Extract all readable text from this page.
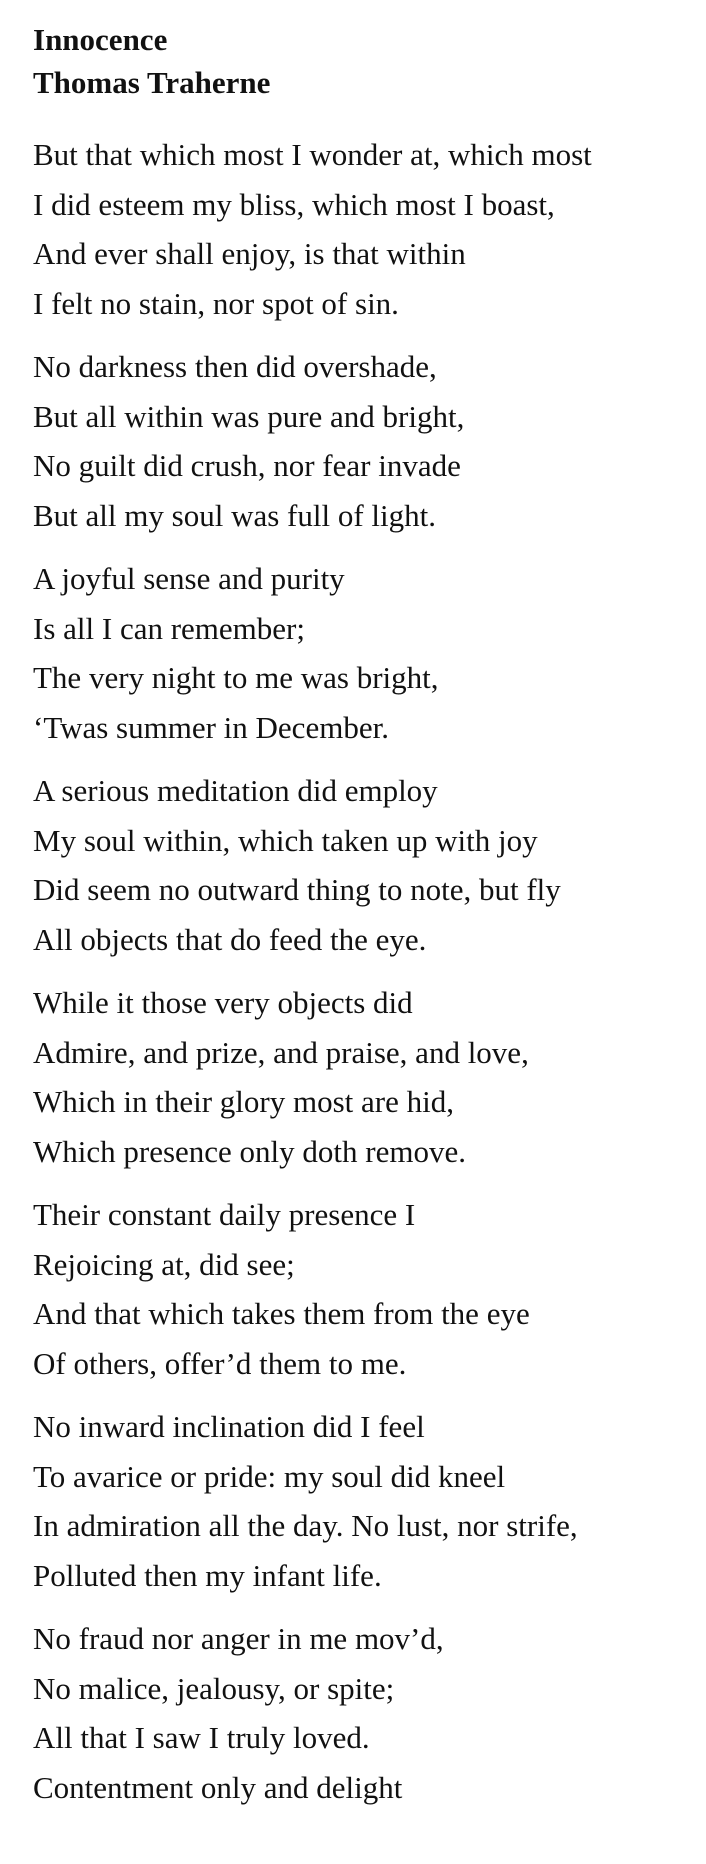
Innocence

Thomas Traherne

But that which most I wonder at, which most
I did esteem my bliss, which most I boast,
And ever shall enjoy, is that within
I felt no stain, nor spot of sin.
No darkness then did overshade,
But all within was pure and bright,
No guilt did crush, nor fear invade
But all my soul was full of light.
A joyful sense and purity
Is all I can remember;
The very night to me was bright,
‘Twas summer in December.
A serious meditation did employ
My soul within, which taken up with joy
Did seem no outward thing to note, but fly
All objects that do feed the eye.
While it those very objects did
Admire, and prize, and praise, and love,
Which in their glory most are hid,
Which presence only doth remove.
Their constant daily presence I
Rejoicing at, did see;
And that which takes them from the eye
Of others, offer’d them to me.
No inward inclination did I feel
To avarice or pride: my soul did kneel
In admiration all the day. No lust, nor strife,
Polluted then my infant life.
No fraud nor anger in me mov’d,
No malice, jealousy, or spite;
All that I saw I truly loved.
Contentment only and delight
